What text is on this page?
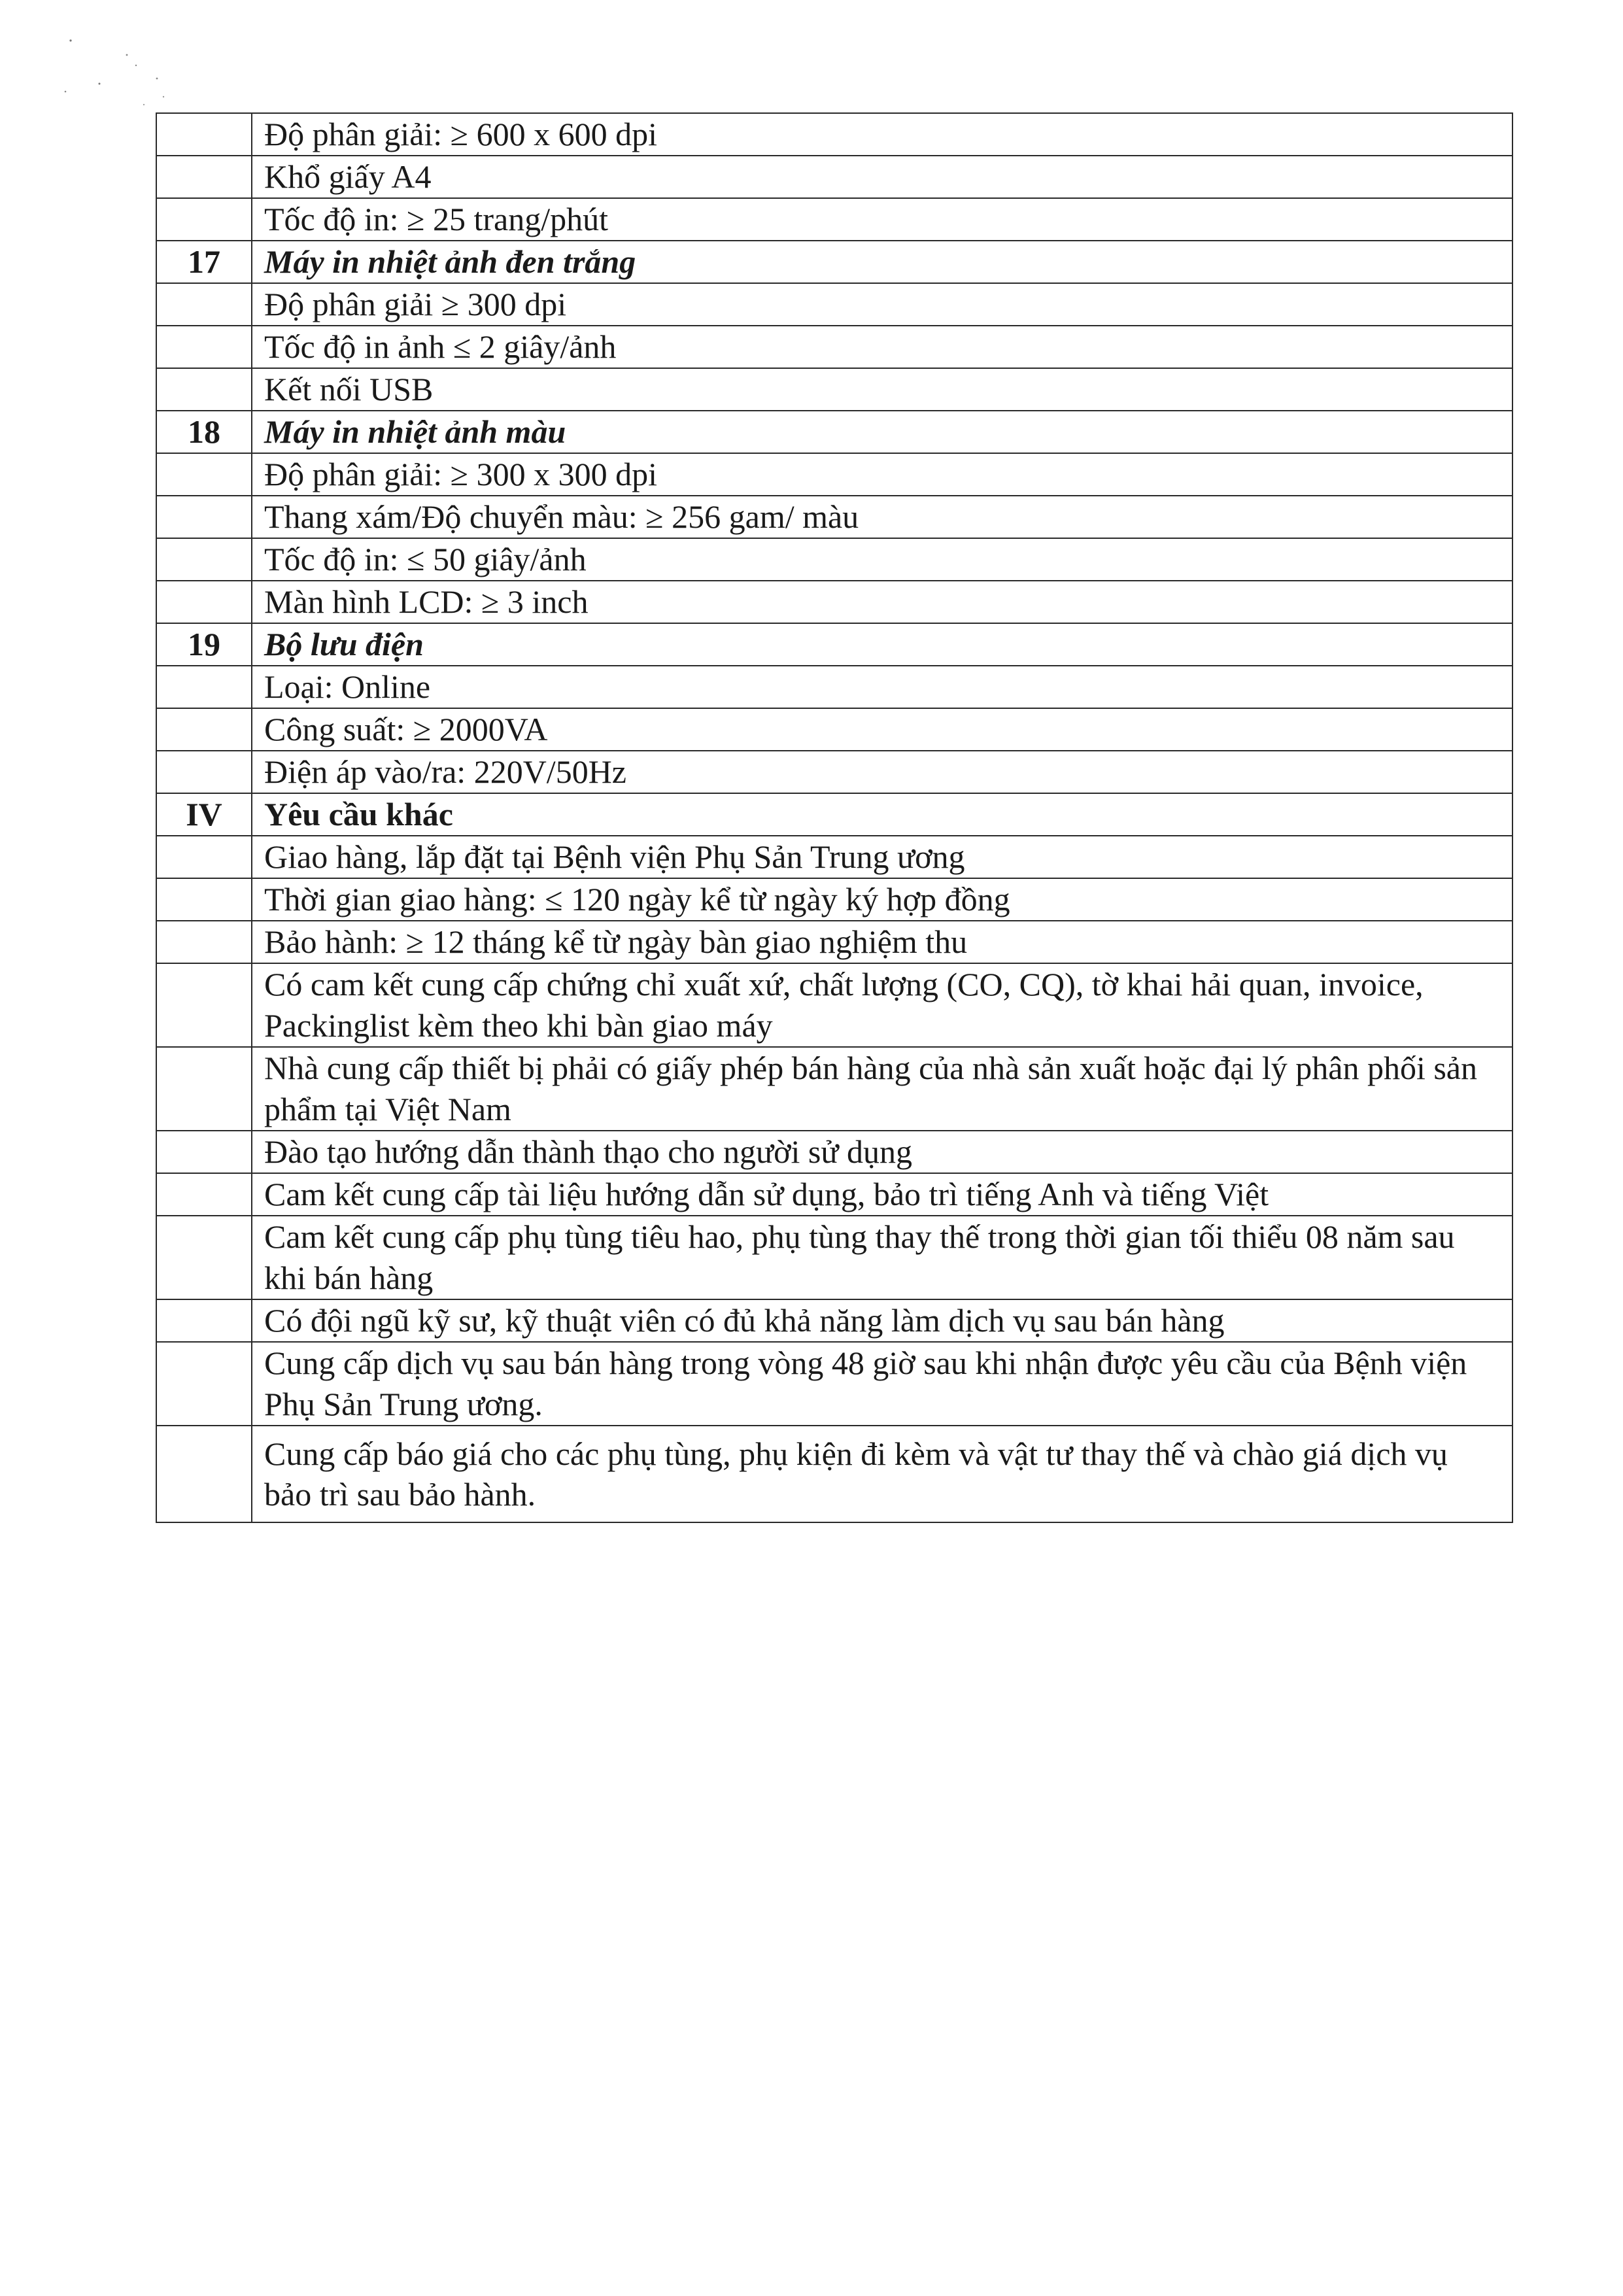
	Độ phân giải: ≥ 600 x 600 dpi
	Khổ giấy A4
	Tốc độ in: ≥ 25 trang/phút
17	Máy in nhiệt ảnh đen trắng
	Độ phân giải ≥ 300 dpi
	Tốc độ in ảnh ≤ 2 giây/ảnh
	Kết nối USB
18	Máy in nhiệt ảnh màu
	Độ phân giải: ≥ 300 x 300 dpi
	Thang xám/Độ chuyển màu: ≥ 256 gam/ màu
	Tốc độ in: ≤ 50 giây/ảnh
	Màn hình LCD: ≥ 3 inch
19	Bộ lưu điện
	Loại: Online
	Công suất: ≥ 2000VA
	Điện áp vào/ra: 220V/50Hz
IV	Yêu cầu khác
	Giao hàng, lắp đặt tại Bệnh viện Phụ Sản Trung ương
	Thời gian giao hàng: ≤ 120 ngày kể từ ngày ký hợp đồng
	Bảo hành: ≥ 12 tháng kể từ ngày bàn giao nghiệm thu
	Có cam kết cung cấp chứng chỉ xuất xứ, chất lượng (CO, CQ), tờ khai hải quan, invoice, Packinglist kèm theo khi bàn giao máy
	Nhà cung cấp thiết bị phải có giấy phép bán hàng của nhà sản xuất hoặc đại lý phân phối sản phẩm tại Việt Nam
	Đào tạo hướng dẫn thành thạo cho người sử dụng
	Cam kết cung cấp tài liệu hướng dẫn sử dụng, bảo trì tiếng Anh và tiếng Việt
	Cam kết cung cấp phụ tùng tiêu hao, phụ tùng thay thế trong thời gian tối thiểu 08 năm sau khi bán hàng
	Có đội ngũ kỹ sư, kỹ thuật viên có đủ khả năng làm dịch vụ sau bán hàng
	Cung cấp dịch vụ sau bán hàng trong vòng 48 giờ sau khi nhận được yêu cầu của Bệnh viện Phụ Sản Trung ương.
	Cung cấp báo giá cho các phụ tùng, phụ kiện đi kèm và vật tư thay thế và chào giá dịch vụ bảo trì sau bảo hành.
